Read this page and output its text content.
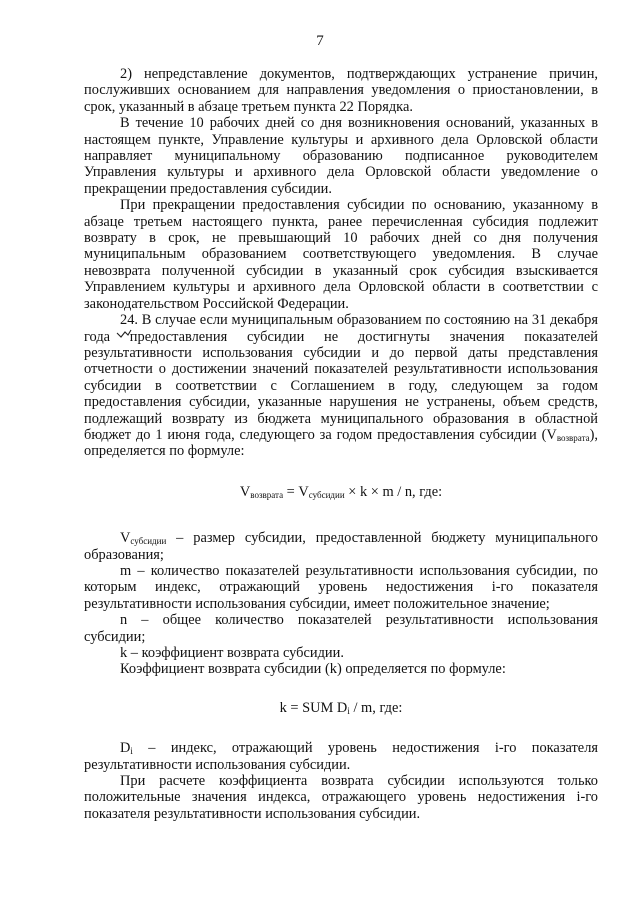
7

2) непредставление документов, подтверждающих устранение причин, послуживших основанием для направления уведомления о приостановлении, в срок, указанный в абзаце третьем пункта 22 Порядка.

В течение 10 рабочих дней со дня возникновения оснований, указанных в настоящем пункте, Управление культуры и архивного дела Орловской области направляет муниципальному образованию подписанное руководителем Управления культуры и архивного дела Орловской области уведомление о прекращении предоставления субсидии.

При прекращении предоставления субсидии по основанию, указанному в абзаце третьем настоящего пункта, ранее перечисленная субсидия подлежит возврату в срок, не превышающий 10 рабочих дней со дня получения муниципальным образованием соответствующего уведомления. В случае невозврата полученной субсидии в указанный срок субсидия взыскивается Управлением культуры и архивного дела Орловской области в соответствии с законодательством Российской Федерации.

24. В случае если муниципальным образованием по состоянию на 31 декабря года предоставления субсидии не достигнуты значения показателей результативности использования субсидии и до первой даты представления отчетности о достижении значений показателей результативности использования субсидии в соответствии с Соглашением в году, следующем за годом предоставления субсидии, указанные нарушения не устранены, объем средств, подлежащий возврату из бюджета муниципального образования в областной бюджет до 1 июня года, следующего за годом предоставления субсидии $(V_{возврата})$, определяется по формуле:

$V_{возврата} = V_{субсидии} \times k \times m / n$, где:

$V_{субсидии}$ – размер субсидии, предоставленной бюджету муниципального образования;

m – количество показателей результативности использования субсидии, по которым индекс, отражающий уровень недостижения i-го показателя результативности использования субсидии, имеет положительное значение;

n – общее количество показателей результативности использования субсидии;

k – коэффициент возврата субсидии.

Коэффициент возврата субсидии (k) определяется по формуле:

k = SUM $D_i$ / m, где:

$D_i$ – индекс, отражающий уровень недостижения i-го показателя результативности использования субсидии.

При расчете коэффициента возврата субсидии используются только положительные значения индекса, отражающего уровень недостижения i-го показателя результативности использования субсидии.
